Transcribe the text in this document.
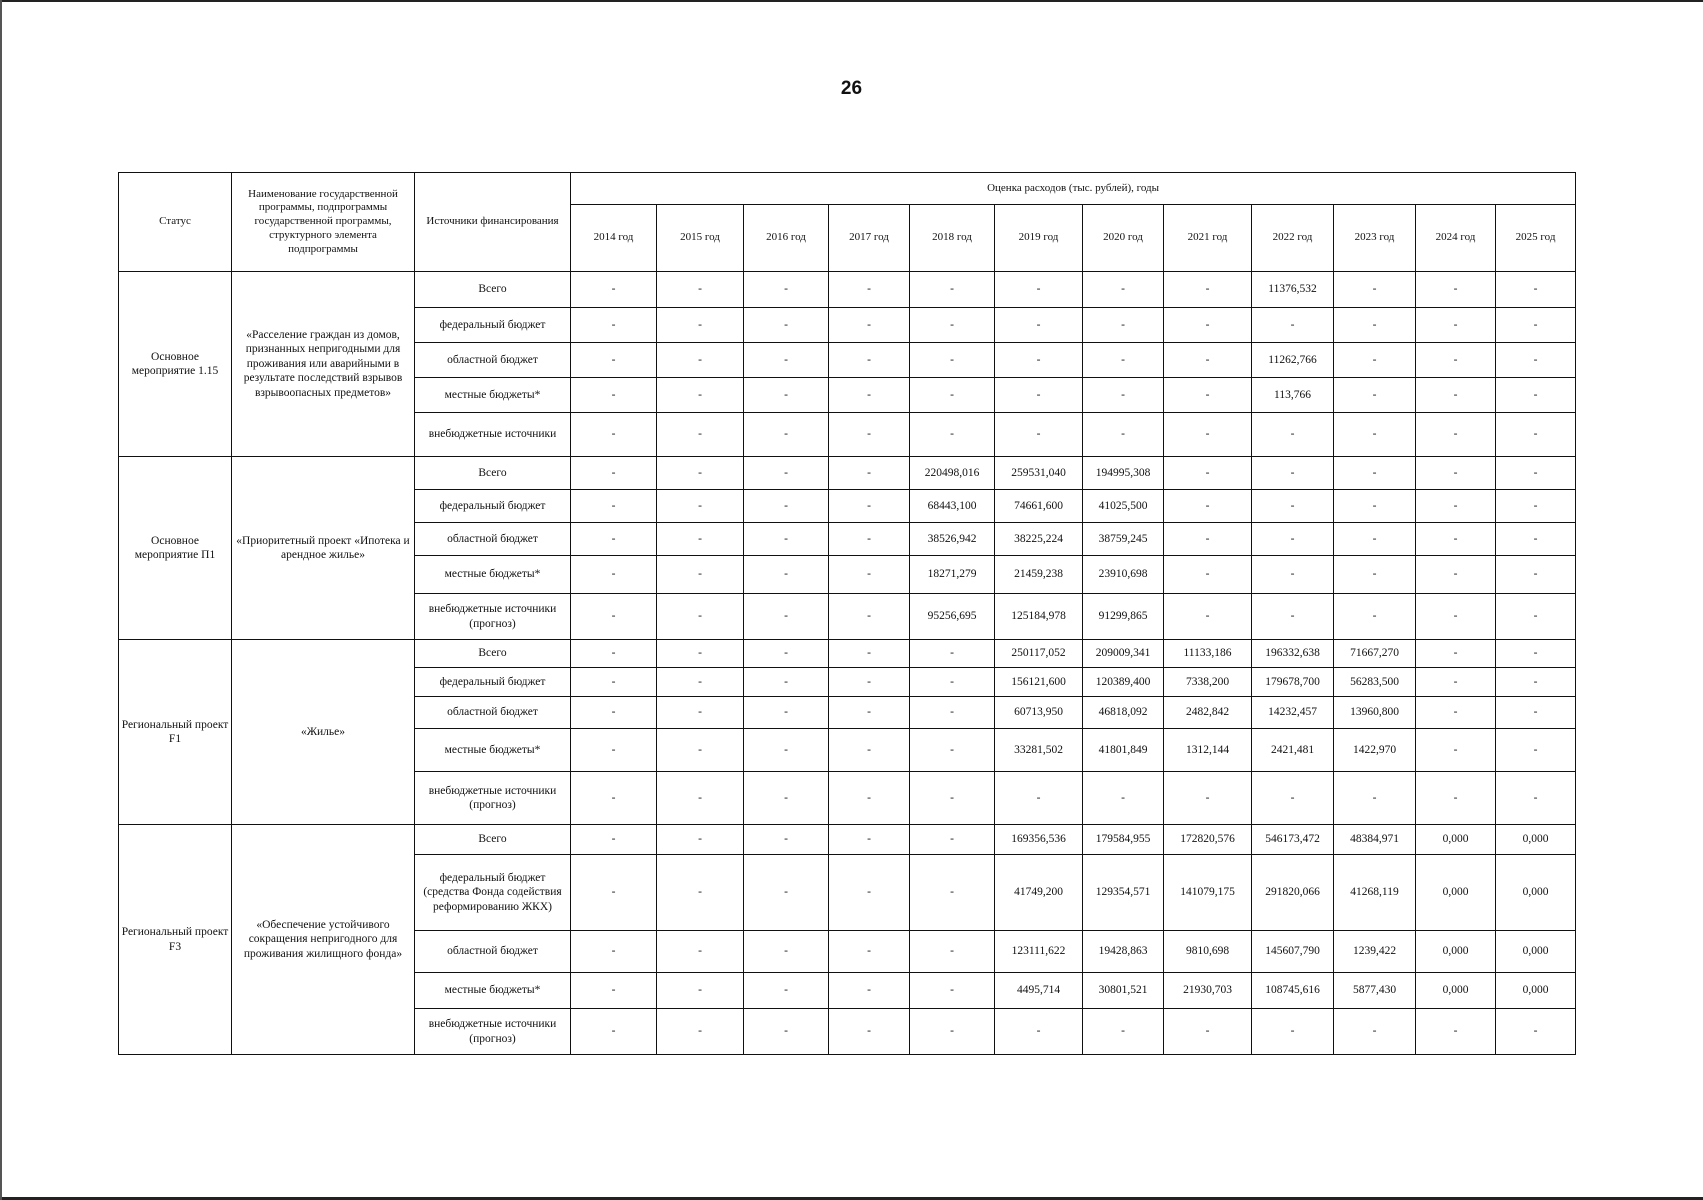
26
Статус	Наименование государственной программы, подпрограммы государственной программы, структурного элемента подпрограммы	Источники финансирования	Оценка расходов (тыс. рублей), годы											
			2014 год	2015 год	2016 год	2017 год	2018 год	2019 год	2020 год	2021 год	2022 год	2023 год	2024 год	2025 год
Основное мероприятие 1.15	«Расселение граждан из домов, признанных непригодными для проживания или аварийными в результате последствий взрывов взрывоопасных предметов»	Всего	-	-	-	-	-	-	-	-	11376,532	-	-	-
		федеральный бюджет	-	-	-	-	-	-	-	-	-	-	-	-
		областной бюджет	-	-	-	-	-	-	-	-	11262,766	-	-	-
		местные бюджеты*	-	-	-	-	-	-	-	-	113,766	-	-	-
		внебюджетные источники	-	-	-	-	-	-	-	-	-	-	-	-
Основное мероприятие П1	«Приоритетный проект «Ипотека и арендное жилье»	Всего	-	-	-	-	220498,016	259531,040	194995,308	-	-	-	-	-
		федеральный бюджет	-	-	-	-	68443,100	74661,600	41025,500	-	-	-	-	-
		областной бюджет	-	-	-	-	38526,942	38225,224	38759,245	-	-	-	-	-
		местные бюджеты*	-	-	-	-	18271,279	21459,238	23910,698	-	-	-	-	-
		внебюджетные источники (прогноз)	-	-	-	-	95256,695	125184,978	91299,865	-	-	-	-	-
Региональный проект F1	«Жилье»	Всего	-	-	-	-	-	250117,052	209009,341	11133,186	196332,638	71667,270	-	-
		федеральный бюджет	-	-	-	-	-	156121,600	120389,400	7338,200	179678,700	56283,500	-	-
		областной бюджет	-	-	-	-	-	60713,950	46818,092	2482,842	14232,457	13960,800	-	-
		местные бюджеты*	-	-	-	-	-	33281,502	41801,849	1312,144	2421,481	1422,970	-	-
		внебюджетные источники (прогноз)	-	-	-	-	-	-	-	-	-	-	-	-
Региональный проект F3	«Обеспечение устойчивого сокращения непригодного для проживания жилищного фонда»	Всего	-	-	-	-	-	169356,536	179584,955	172820,576	546173,472	48384,971	0,000	0,000
		федеральный бюджет (средства Фонда содействия реформированию ЖКХ)	-	-	-	-	-	41749,200	129354,571	141079,175	291820,066	41268,119	0,000	0,000
		областной бюджет	-	-	-	-	-	123111,622	19428,863	9810,698	145607,790	1239,422	0,000	0,000
		местные бюджеты*	-	-	-	-	-	4495,714	30801,521	21930,703	108745,616	5877,430	0,000	0,000
		внебюджетные источники (прогноз)	-	-	-	-	-	-	-	-	-	-	-	-
